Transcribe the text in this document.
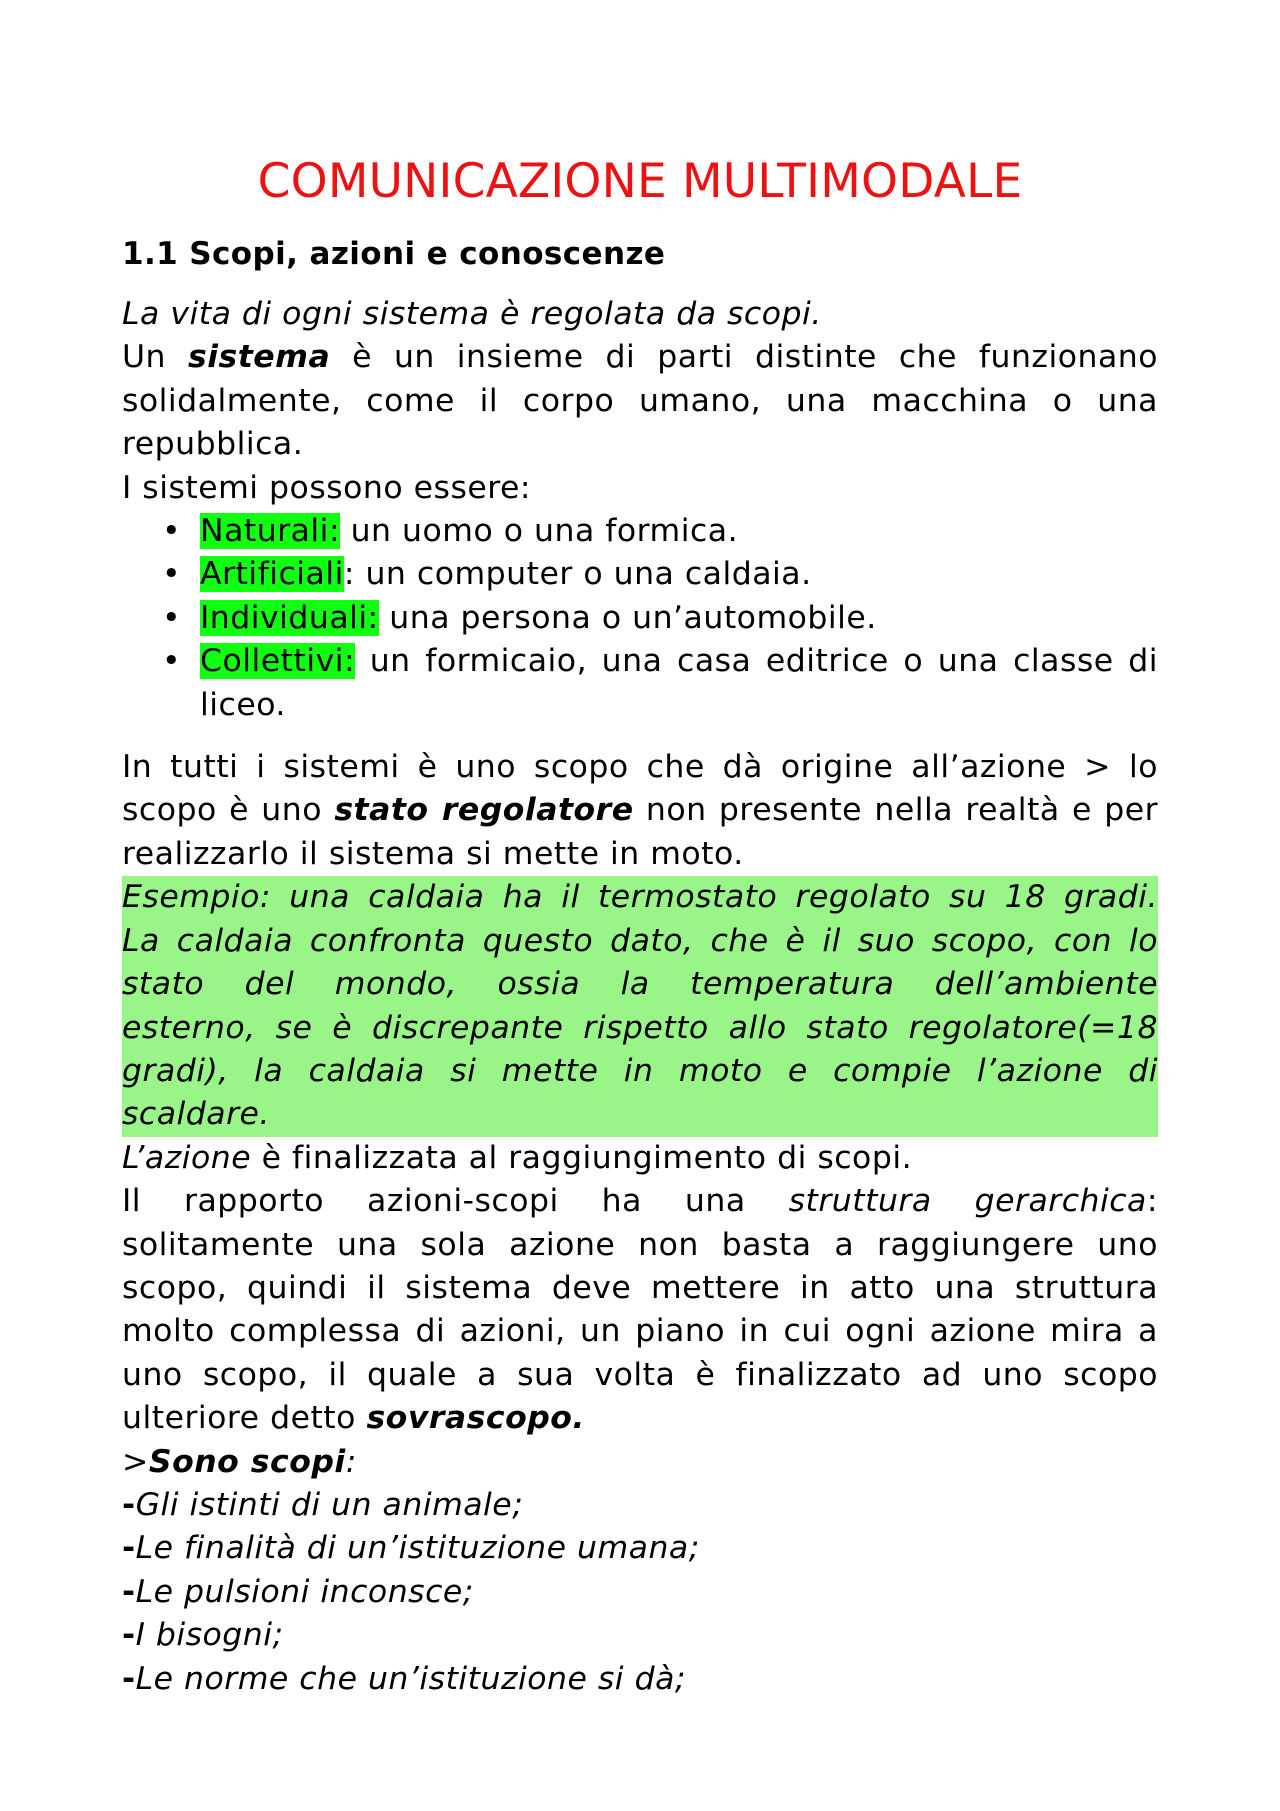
COMUNICAZIONE MULTIMODALE
1.1 Scopi, azioni e conoscenze

La vita di ogni sistema è regolata da scopi.

Un sistema è un insieme di parti distinte che funzionano solidalmente, come il corpo umano, una macchina o una repubblica.

I sistemi possono essere:

• Naturali: un uomo o una formica.
• Artificiali: un computer o una caldaia.
• Individuali: una persona o un’automobile.
• Collettivi: un formicaio, una casa editrice o una classe di liceo.

In tutti i sistemi è uno scopo che dà origine all’azione > lo scopo è uno stato regolatore non presente nella realtà e per realizzarlo il sistema si mette in moto.

Esempio: una caldaia ha il termostato regolato su 18 gradi.
La caldaia confronta questo dato, che è il suo scopo, con lo
stato del mondo, ossia la temperatura dell’ambiente
esterno, se è discrepante rispetto allo stato regolatore(=18
gradi), la caldaia si mette in moto e compie l’azione di
scaldare.

L’azione è finalizzata al raggiungimento di scopi.

Il rapporto azioni-scopi ha una struttura gerarchica: solitamente una sola azione non basta a raggiungere uno scopo, quindi il sistema deve mettere in atto una struttura molto complessa di azioni, un piano in cui ogni azione mira a uno scopo, il quale a sua volta è finalizzato ad uno scopo ulteriore detto sovrascopo.

>Sono scopi:

-Gli istinti di un animale;

-Le finalità di un’istituzione umana;

-Le pulsioni inconsce;

-I bisogni;

-Le norme che un’istituzione si dà;
